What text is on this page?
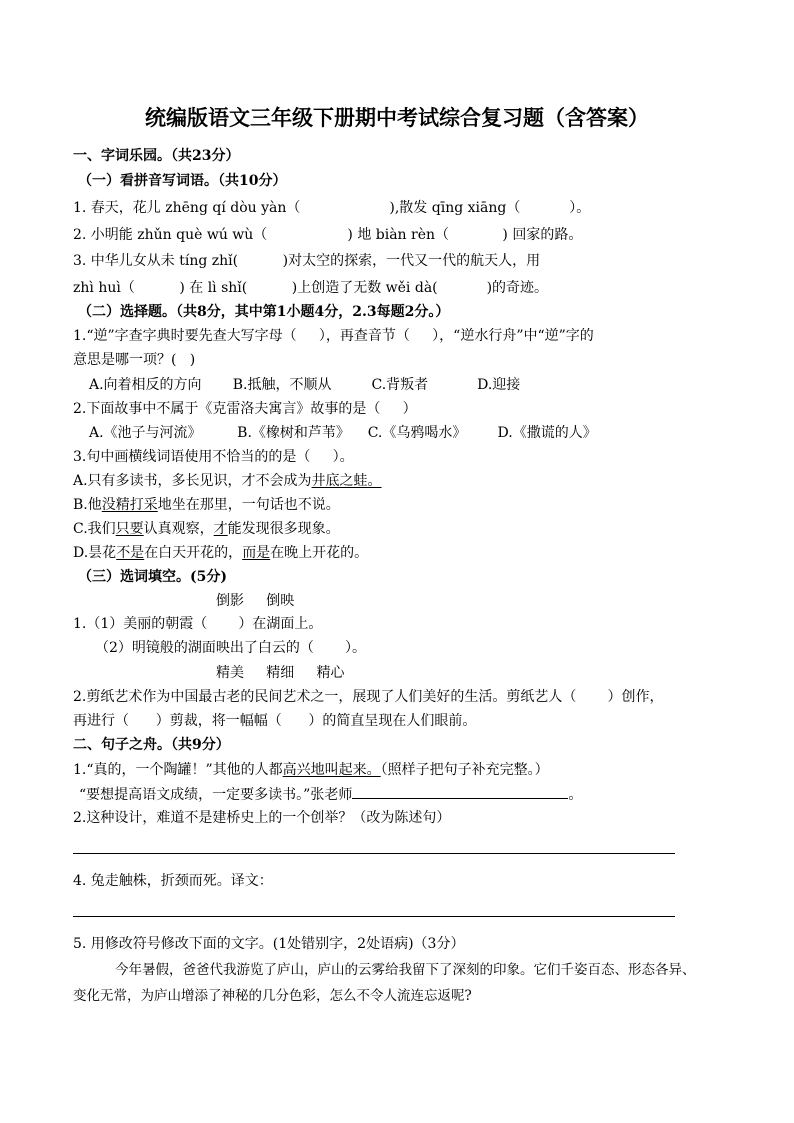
统编版语文三年级下册期中考试综合复习题（含答案）
一、字词乐园。（共23分）
（一）看拼音写词语。（共10分）
1. 春天，花儿 zhēng qí dòu yàn（                    ),散发 qīng xiāng（           ）。
2. 小明能 zhǔn què wú wù（                  ) 地 biàn rèn（            ) 回家的路。
3. 中华儿女从未 tíng zhǐ(          )对太空的探索，一代又一代的航天人，用
zhì huì（          ) 在 lì shǐ(          )上创造了无数 wěi dà(           )的奇迹。
（二）选择题。（共8分，其中第1小题4分，2.3每题2分。）
1.“逆”字查字典时要先查大写字母（     ），再查音节（     ），“逆水行舟”中“逆”字的
意思是哪一项？(   )
A.向着相反的方向       B.抵触，不顺从         C.背叛者           D.迎接
2.下面故事中不属于《克雷洛夫寓言》故事的是（     ）
A.《池子与河流》        B.《橡树和芦苇》    C.《乌鸦喝水》       D.《撒谎的人》
3.句中画横线词语使用不恰当的的是（     ）。
A.只有多读书，多长见识，才不会成为井底之蛙。
B.他没精打采地坐在那里，一句话也不说。
C.我们只要认真观察，才能发现很多现象。
D.昙花不是在白天开花的，而是在晚上开花的。
（三）选词填空。(5分)
倒影     倒映
1.（1）美丽的朝霞（       ）在湖面上。
（2）明镜般的湖面映出了白云的（       ）。
精美     精细     精心
2.剪纸艺术作为中国最古老的民间艺术之一，展现了人们美好的生活。剪纸艺人（       ）创作，
再进行（      ）剪裁，将一幅幅（      ）的简直呈现在人们眼前。
二、句子之舟。（共9分）
1.“真的，一个陶罐！”其他的人都高兴地叫起来。（照样子把句子补充完整。）
“要想提高语文成绩，一定要多读书。”张老师	。
2.这种设计，难道不是建桥史上的一个创举？（改为陈述句）
4. 兔走触株，折颈而死。译文：
5. 用修改符号修改下面的文字。(1处错别字，2处语病)（3分）
今年暑假，爸爸代我游览了庐山，庐山的云雾给我留下了深刻的印象。它们千姿百态、形态各异、
变化无常，为庐山增添了神秘的几分色彩，怎么不令人流连忘返呢?
